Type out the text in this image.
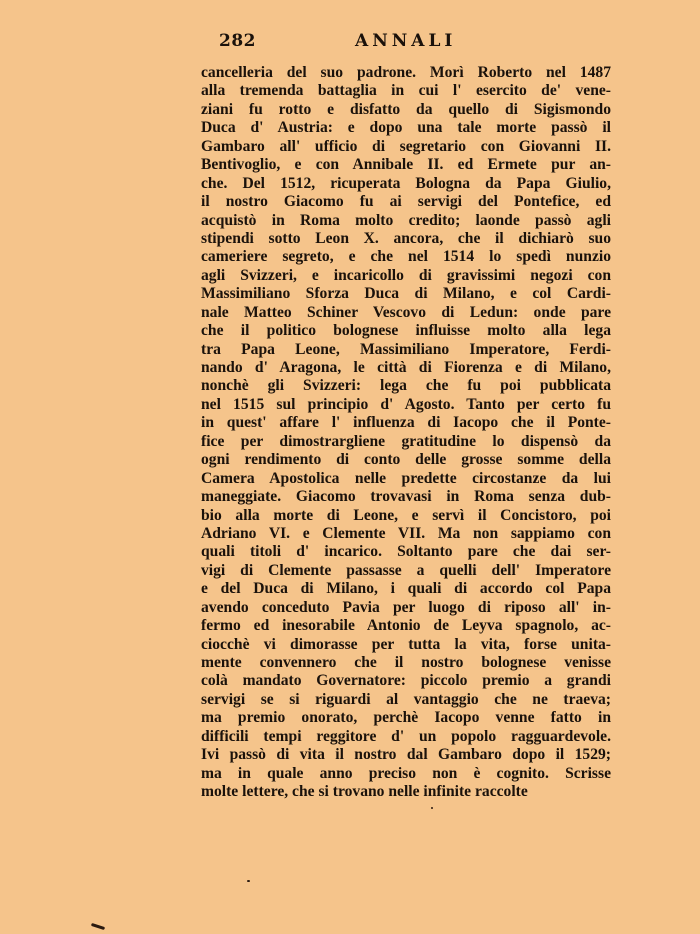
282	ANNALI
cancelleria del suo padrone. Morì Roberto nel 1487
alla tremenda battaglia in cui l' esercito de' vene-
ziani fu rotto e disfatto da quello di Sigismondo
Duca d' Austria: e dopo una tale morte passò il
Gambaro all' ufficio di segretario con Giovanni II.
Bentivoglio, e con Annibale II. ed Ermete pur an-
che. Del 1512, ricuperata Bologna da Papa Giulio,
il nostro Giacomo fu ai servigi del Pontefice, ed
acquistò in Roma molto credito; laonde passò agli
stipendi sotto Leon X. ancora, che il dichiarò suo
cameriere segreto, e che nel 1514 lo spedì nunzio
agli Svizzeri, e incaricollo di gravissimi negozi con
Massimiliano Sforza Duca di Milano, e col Cardi-
nale Matteo Schiner Vescovo di Ledun: onde pare
che il politico bolognese influisse molto alla lega
tra Papa Leone, Massimiliano Imperatore, Ferdi-
nando d' Aragona, le città di Fiorenza e di Milano,
nonchè gli Svizzeri: lega che fu poi pubblicata
nel 1515 sul principio d' Agosto. Tanto per certo fu
in quest' affare l' influenza di Iacopo che il Ponte-
fice per dimostrargliene gratitudine lo dispensò da
ogni rendimento di conto delle grosse somme della
Camera Apostolica nelle predette circostanze da lui
maneggiate. Giacomo trovavasi in Roma senza dub-
bio alla morte di Leone, e servì il Concistoro, poi
Adriano VI. e Clemente VII. Ma non sappiamo con
quali titoli d' incarico. Soltanto pare che dai ser-
vigi di Clemente passasse a quelli dell' Imperatore
e del Duca di Milano, i quali di accordo col Papa
avendo conceduto Pavia per luogo di riposo all' in-
fermo ed inesorabile Antonio de Leyva spagnolo, ac-
ciocchè vi dimorasse per tutta la vita, forse unita-
mente convennero che il nostro bolognese venisse
colà mandato Governatore: piccolo premio a grandi
servigi se si riguardi al vantaggio che ne traeva;
ma premio onorato, perchè Iacopo venne fatto in
difficili tempi reggitore d' un popolo ragguardevole.
Ivi passò di vita il nostro dal Gambaro dopo il 1529;
ma in quale anno preciso non è cognito. Scrisse
molte lettere, che si trovano nelle infinite raccolte
